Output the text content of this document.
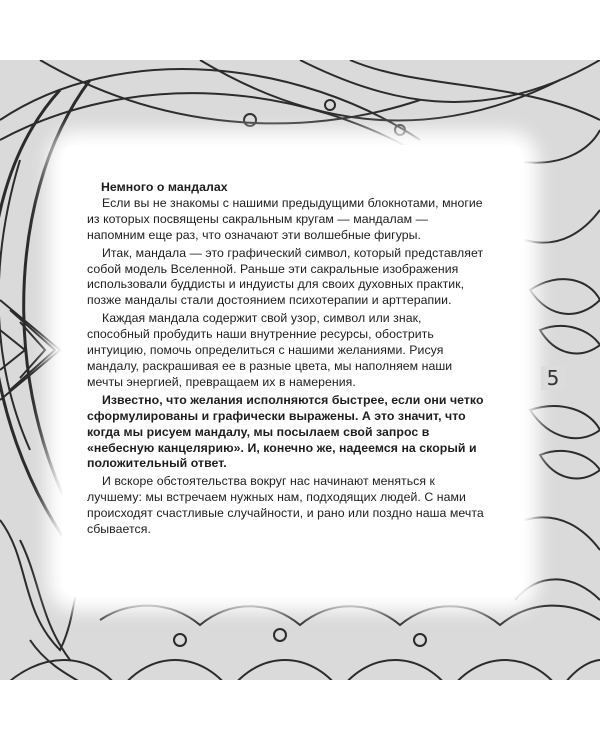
Немного о мандалах

Если вы не знакомы с нашими предыдущими блокнотами, многие из которых посвящены сакральным кругам — мандалам — напомним еще раз, что означают эти волшебные фигуры.

Итак, мандала — это графический символ, который представляет собой модель Вселенной. Раньше эти сакральные изображения использовали буддисты и индуисты для своих духовных практик, позже мандалы стали достоянием психотерапии и арттерапии.

Каждая мандала содержит свой узор, символ или знак, способный пробудить наши внутренние ресурсы, обострить интуицию, помочь определиться с нашими желаниями. Рисуя мандалу, раскрашивая ее в разные цвета, мы наполняем наши мечты энергией, превращаем их в намерения.

Известно, что желания исполняются быстрее, если они четко сформулированы и графически выражены. А это значит, что когда мы рисуем мандалу, мы посылаем свой запрос в «небесную канцелярию». И, конечно же, надеемся на скорый и положительный ответ.

И вскоре обстоятельства вокруг нас начинают меняться к лучшему: мы встречаем нужных нам, подходящих людей. С нами происходят счастливые случайности, и рано или поздно наша мечта сбывается.

5
